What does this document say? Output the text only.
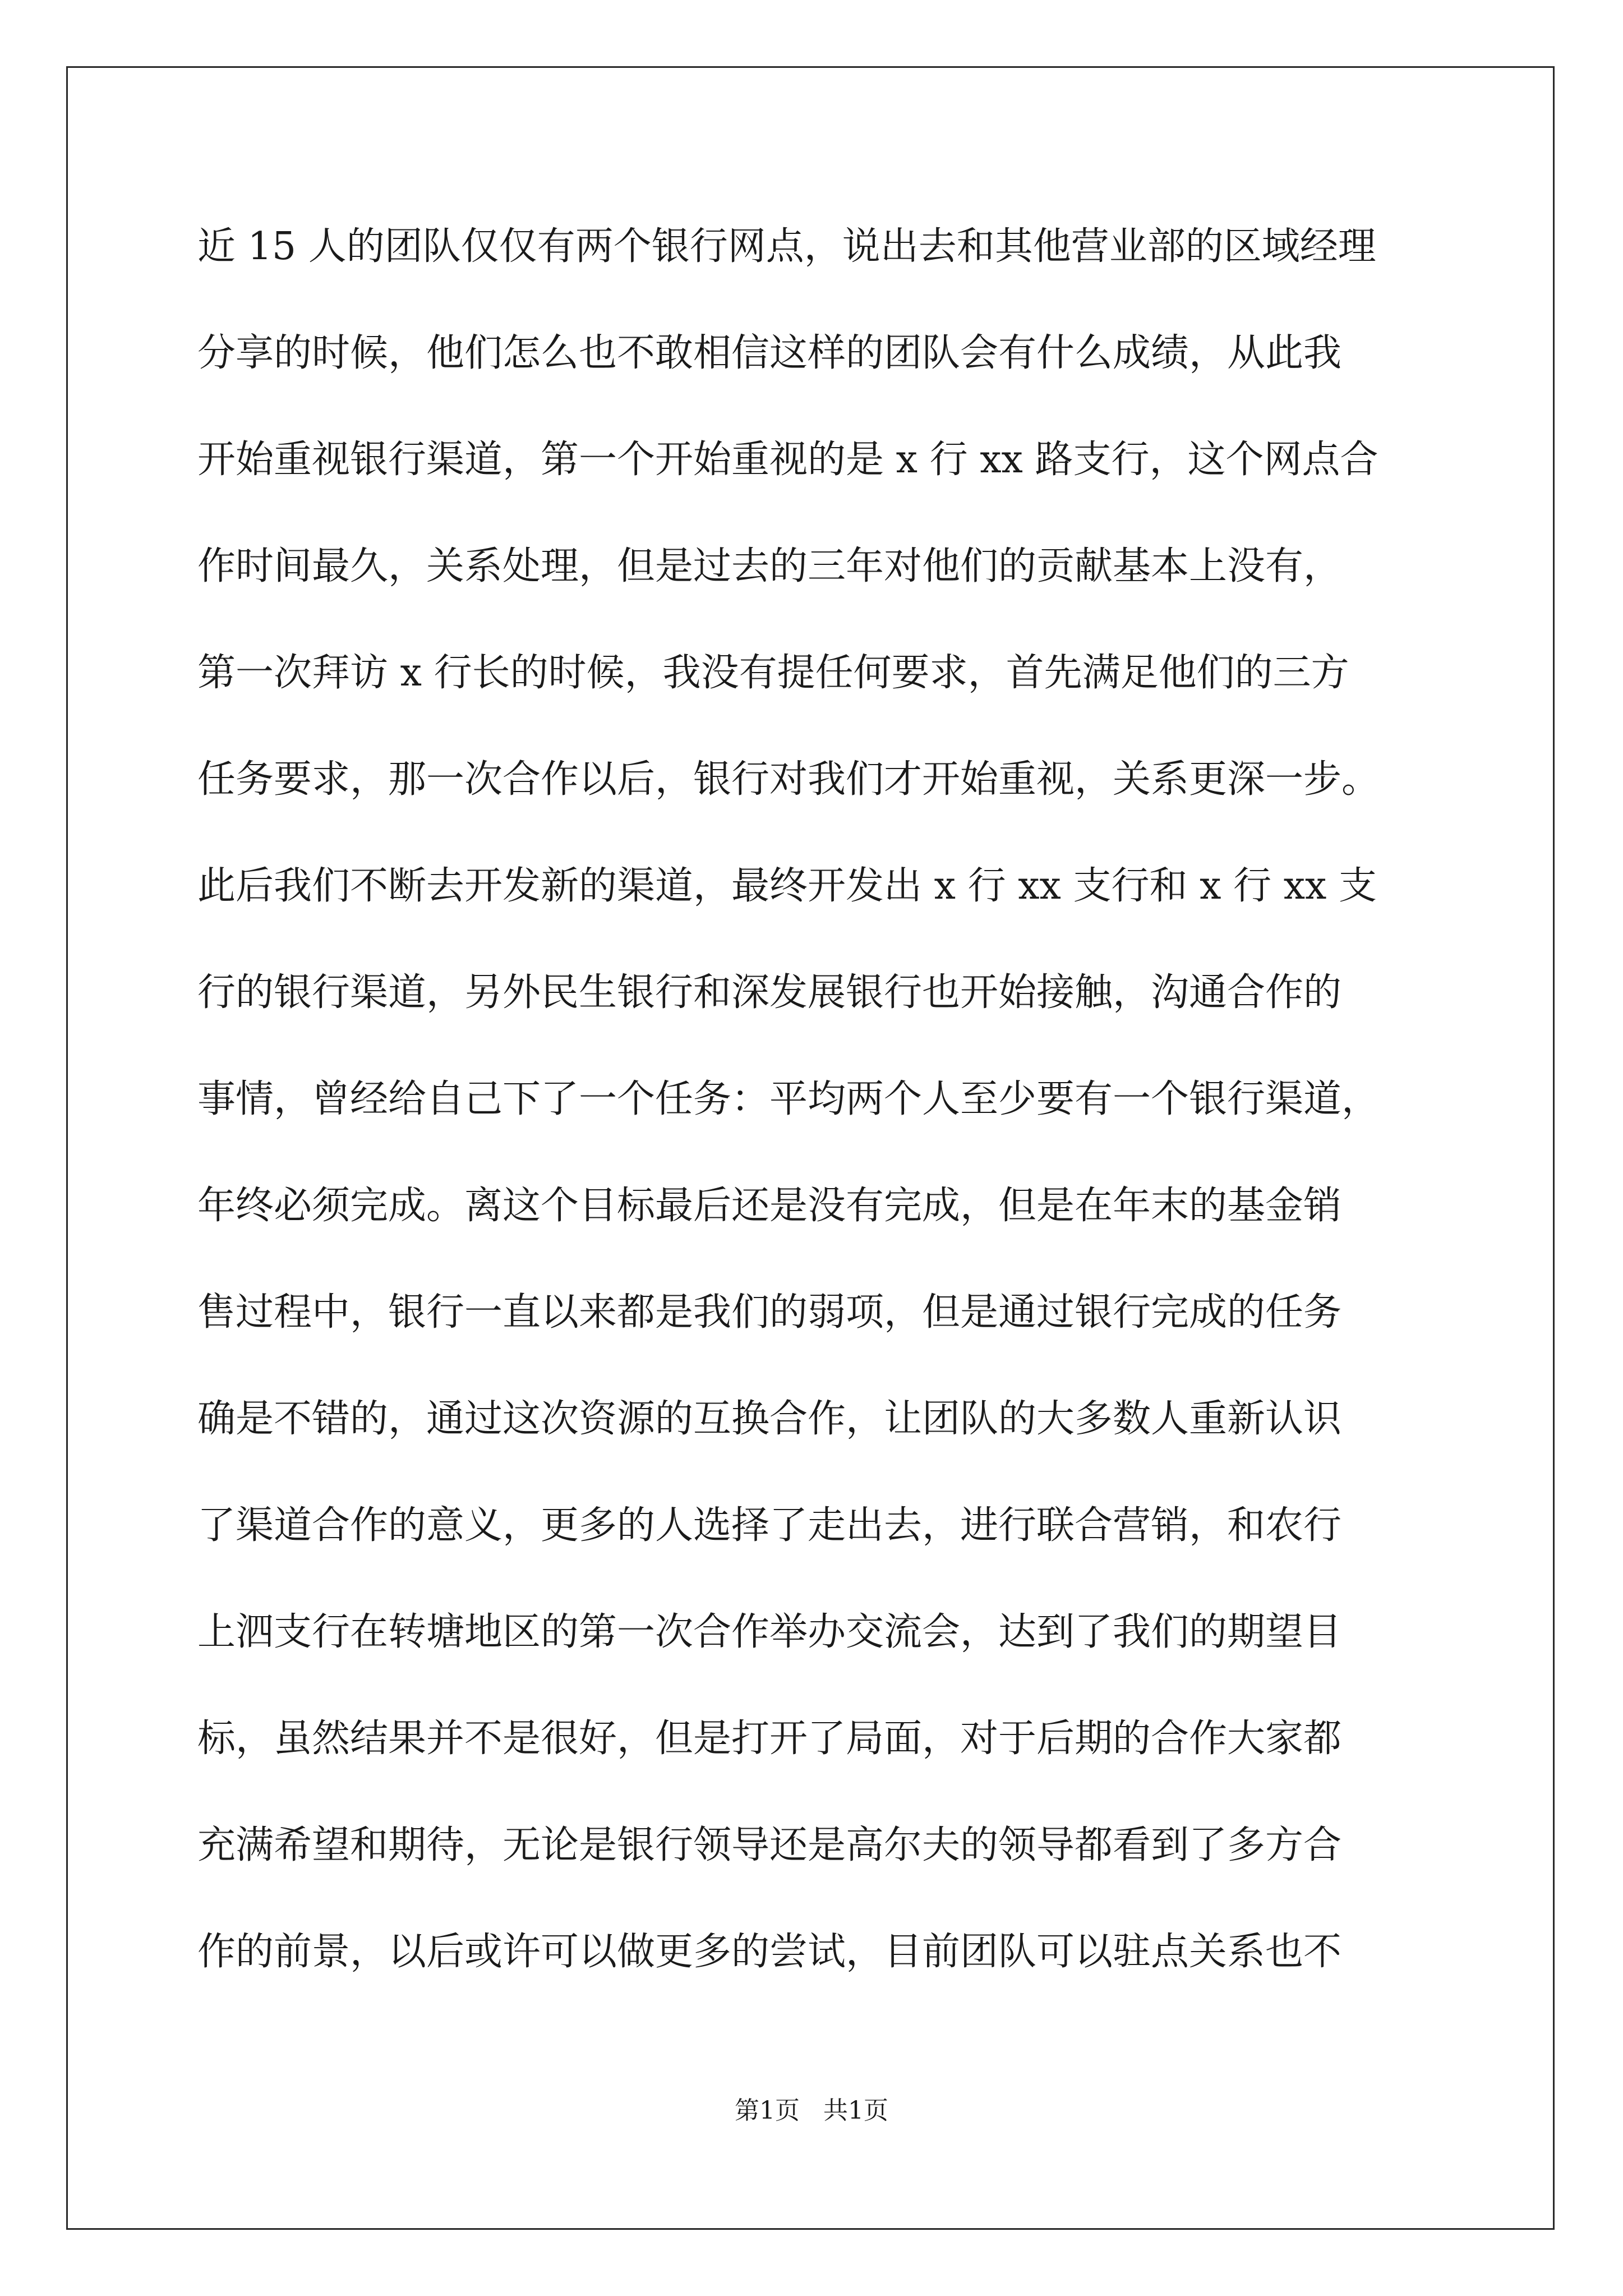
近 15 人的团队仅仅有两个银行网点，说出去和其他营业部的区域经理
分享的时候，他们怎么也不敢相信这样的团队会有什么成绩，从此我
开始重视银行渠道，第一个开始重视的是 x 行 xx 路支行，这个网点合
作时间最久，关系处理，但是过去的三年对他们的贡献基本上没有，
第一次拜访 x 行长的时候，我没有提任何要求，首先满足他们的三方
任务要求，那一次合作以后，银行对我们才开始重视，关系更深一步。
此后我们不断去开发新的渠道，最终开发出 x 行 xx 支行和 x 行 xx 支
行的银行渠道，另外民生银行和深发展银行也开始接触，沟通合作的
事情，曾经给自己下了一个任务：平均两个人至少要有一个银行渠道，
年终必须完成。离这个目标最后还是没有完成，但是在年末的基金销
售过程中，银行一直以来都是我们的弱项，但是通过银行完成的任务
确是不错的，通过这次资源的互换合作，让团队的大多数人重新认识
了渠道合作的意义，更多的人选择了走出去，进行联合营销，和农行
上泗支行在转塘地区的第一次合作举办交流会，达到了我们的期望目
标，虽然结果并不是很好，但是打开了局面，对于后期的合作大家都
充满希望和期待，无论是银行领导还是高尔夫的领导都看到了多方合
作的前景，以后或许可以做更多的尝试，目前团队可以驻点关系也不
第1页   共1页
